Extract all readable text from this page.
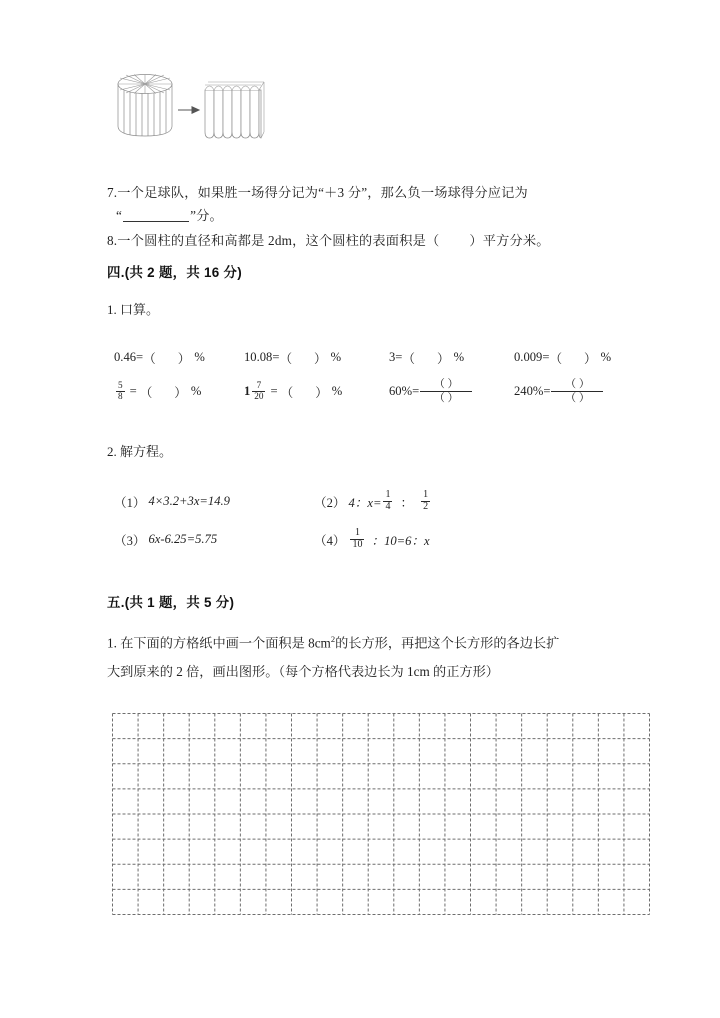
7.一个足球队，如果胜一场得分记为“＋3 分”，那么负一场球得分应记为
“	”分。
8.一个圆柱的直径和高都是 2dm，这个圆柱的表面积是（ ）平方分米。
四.(共 2 题，共 16 分)
1. 口算。
0.46= （ ） %	10.08= （ ） %	3= （ ） %	0.009= （ ） %
$\frac{5}{8}$ = （ ） %	$1 \frac{7}{20}$ = （ ） %	$60\%= \frac{( )}{( )}$	$240\%= \frac{( )}{( )}$
2. 解方程。
（1） 4×3.2+3x=14.9	（2） 4：$x= \frac{1}{4}$ ： $\frac{1}{2}$
（3） 6x-6.25=5.75	$(4) \frac{1}{10}$ ：10=6：x
五.(共 1 题，共 5 分)
1. 在下面的方格纸中画一个面积是 $8cm^2$的长方形，再把这个长方形的各边长扩
大到原来的 2 倍，画出图形。（每个方格代表边长为 1cm 的正方形）
